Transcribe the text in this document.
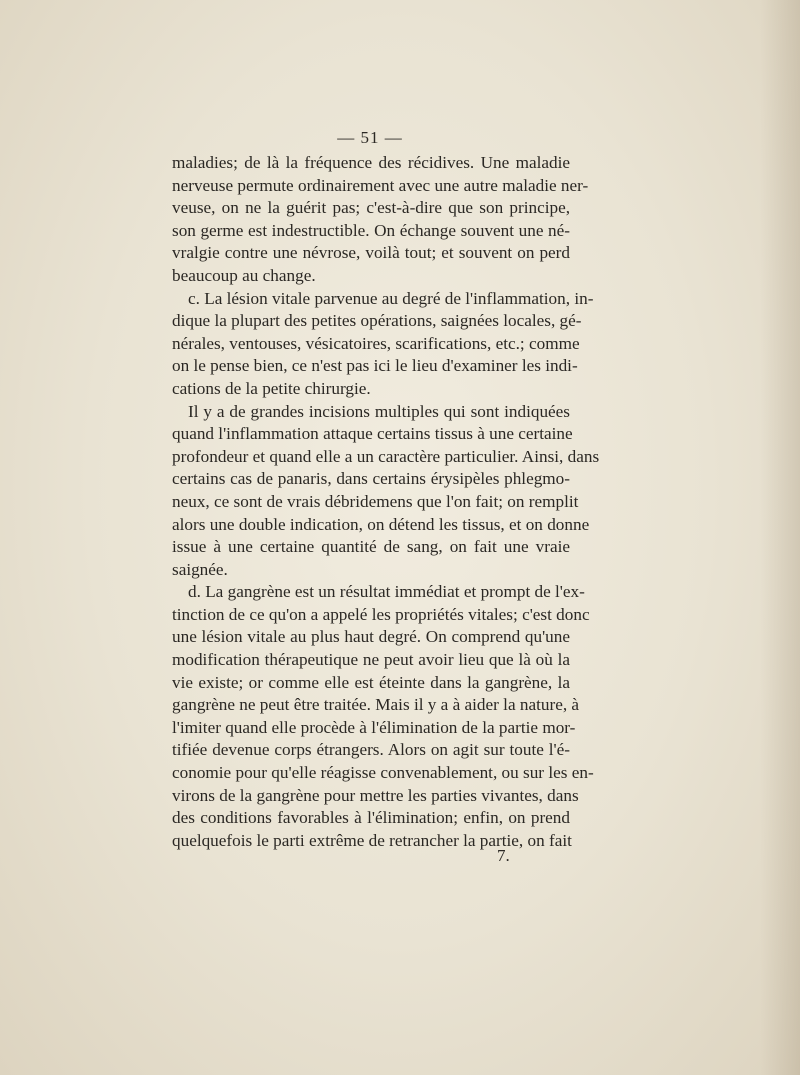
— 51 —
maladies; de là la fréquence des récidives. Une maladie
nerveuse permute ordinairement avec une autre maladie ner-
veuse, on ne la guérit pas; c'est-à-dire que son principe,
son germe est indestructible. On échange souvent une né-
vralgie contre une névrose, voilà tout; et souvent on perd
beaucoup au change.
c. La lésion vitale parvenue au degré de l'inflammation, in-
dique la plupart des petites opérations, saignées locales, gé-
nérales, ventouses, vésicatoires, scarifications, etc.; comme
on le pense bien, ce n'est pas ici le lieu d'examiner les indi-
cations de la petite chirurgie.
Il y a de grandes incisions multiples qui sont indiquées
quand l'inflammation attaque certains tissus à une certaine
profondeur et quand elle a un caractère particulier. Ainsi, dans
certains cas de panaris, dans certains érysipèles phlegmo-
neux, ce sont de vrais débridemens que l'on fait; on remplit
alors une double indication, on détend les tissus, et on donne
issue à une certaine quantité de sang, on fait une vraie
saignée.
d. La gangrène est un résultat immédiat et prompt de l'ex-
tinction de ce qu'on a appelé les propriétés vitales; c'est donc
une lésion vitale au plus haut degré. On comprend qu'une
modification thérapeutique ne peut avoir lieu que là où la
vie existe; or comme elle est éteinte dans la gangrène, la
gangrène ne peut être traitée. Mais il y a à aider la nature, à
l'imiter quand elle procède à l'élimination de la partie mor-
tifiée devenue corps étrangers. Alors on agit sur toute l'é-
conomie pour qu'elle réagisse convenablement, ou sur les en-
virons de la gangrène pour mettre les parties vivantes, dans
des conditions favorables à l'élimination; enfin, on prend
quelquefois le parti extrême de retrancher la partie, on fait
7.
